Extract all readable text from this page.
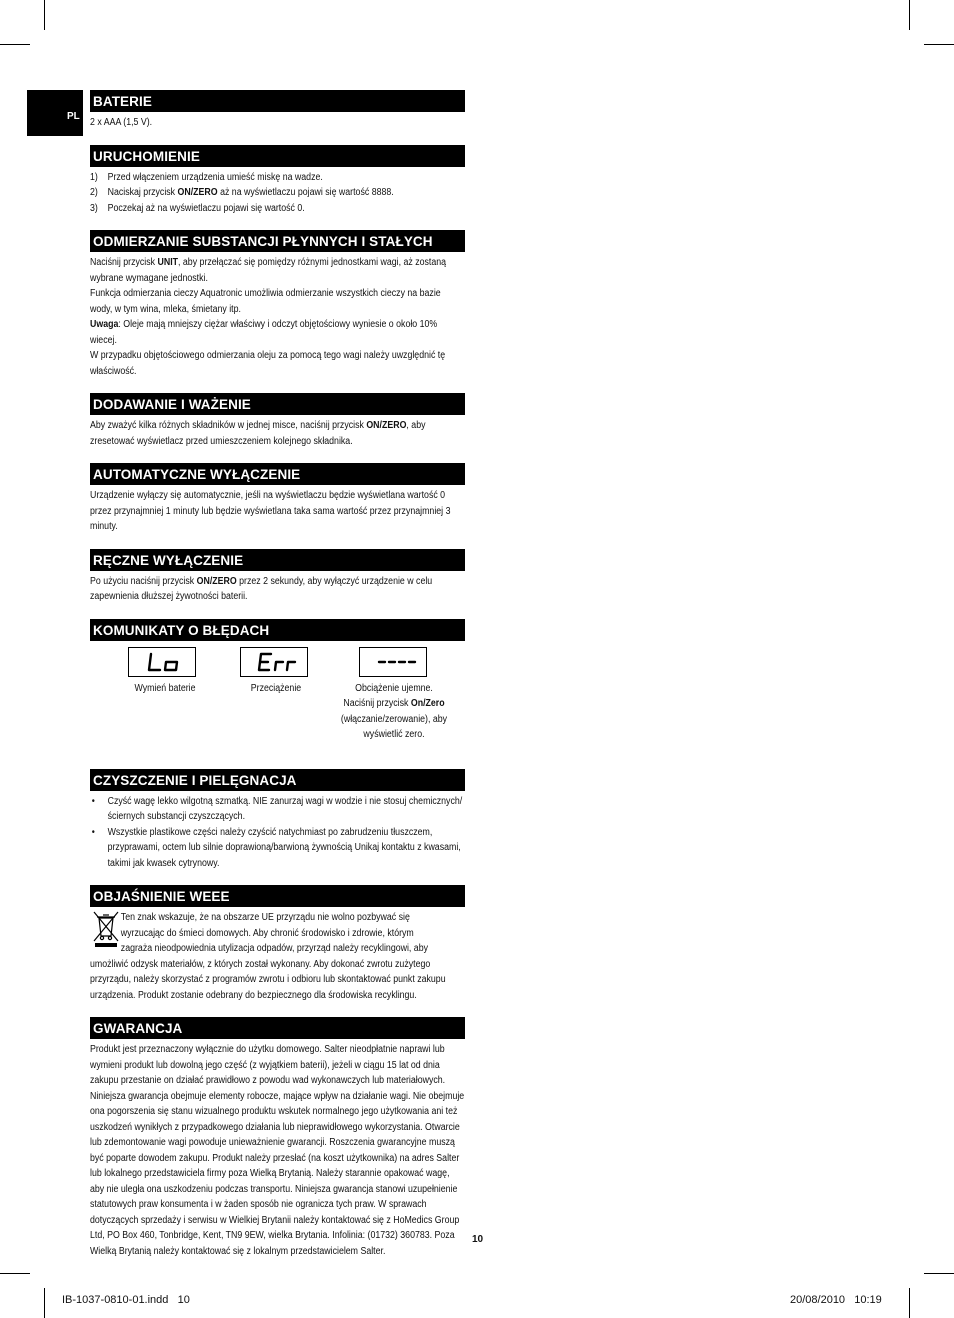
PL
BATERIE

2 x AAA (1,5 V).

URUCHOMIENIE
1) Przed włączeniem urządzenia umieść miskę na wadze.
2) Naciskaj przycisk ON/ZERO aż na wyświetlaczu pojawi się wartość 8888.
3) Poczekaj aż na wyświetlaczu pojawi się wartość 0.
ODMIERZANIE SUBSTANCJI PŁYNNYCH I STAŁYCH

Naciśnij przycisk UNIT, aby przełączać się pomiędzy różnymi jednostkami wagi, aż zostaną wybrane wymagane jednostki.

Funkcja odmierzania cieczy Aquatronic umożliwia odmierzanie wszystkich cieczy na bazie wody, w tym wina, mleka, śmietany itp.

Uwaga: Oleje mają mniejszy ciężar właściwy i odczyt objętościowy wyniesie o około 10% wiecej.

W przypadku objętościowego odmierzania oleju za pomocą tego wagi należy uwzględnić tę właściwość.

DODAWANIE I WAŻENIE

Aby zważyć kilka różnych składników w jednej misce, naciśnij przycisk ON/ZERO, aby zresetować wyświetlacz przed umieszczeniem kolejnego składnika.

AUTOMATYCZNE WYŁĄCZENIE

Urządzenie wyłączy się automatycznie, jeśli na wyświetlaczu będzie wyświetlana wartość 0 przez przynajmniej 1 minuty lub będzie wyświetlana taka sama wartość przez przynajmniej 3 minuty.

RĘCZNE WYŁĄCZENIE

Po użyciu naciśnij przycisk ON/ZERO przez 2 sekundy, aby wyłączyć urządzenie w celu zapewnienia dłuższej żywotności baterii.

KOMUNIKATY O BŁĘDACH
Wymień baterie	Przeciążenie	Obciążenie ujemne.
Naciśnij przycisk On/Zero
(włączanie/zerowanie), aby wyświetlić zero.
CZYSZCZENIE I PIELĘGNACJA
• Czyść wagę lekko wilgotną szmatką. NIE zanurzaj wagi w wodzie i nie stosuj chemicznych/ściernych substancji czyszczących.
• Wszystkie plastikowe części należy czyścić natychmiast po zabrudzeniu tłuszczem, przyprawami, octem lub silnie doprawioną/barwioną żywnością Unikaj kontaktu z kwasami, takimi jak kwasek cytrynowy.
OBJAŚNIENIE WEEE

Ten znak wskazuje, że na obszarze UE przyrządu nie wolno pozbywać się

wyrzucając do śmieci domowych. Aby chronić środowisko i zdrowie, którym

zagraża nieodpowiednia utylizacja odpadów, przyrząd należy recyklingowi, aby

umożliwić odzysk materiałów, z których został wykonany. Aby dokonać zwrotu zużytego przyrządu, należy skorzystać z programów zwrotu i odbioru lub skontaktować punkt zakupu urządzenia. Produkt zostanie odebrany do bezpiecznego dla środowiska recyklingu.

GWARANCJA

Produkt jest przeznaczony wyłącznie do użytku domowego. Salter nieodpłatnie naprawi lub wymieni produkt lub dowolną jego część (z wyjątkiem baterii), jeżeli w ciągu 15 lat od dnia zakupu przestanie on działać prawidłowo z powodu wad wykonawczych lub materiałowych. Niniejsza gwarancja obejmuje elementy robocze, mające wpływ na działanie wagi. Nie obejmuje ona pogorszenia się stanu wizualnego produktu wskutek normalnego jego użytkowania ani też uszkodzeń wynikłych z przypadkowego działania lub nieprawidłowego wykorzystania. Otwarcie lub zdemontowanie wagi powoduje unieważnienie gwarancji. Roszczenia gwarancyjne muszą być poparte dowodem zakupu. Produkt należy przesłać (na koszt użytkownika) na adres Salter lub lokalnego przedstawiciela firmy poza Wielką Brytanią. Należy starannie opakować wagę, aby nie uległa ona uszkodzeniu podczas transportu. Niniejsza gwarancja stanowi uzupełnienie statutowych praw konsumenta i w żaden sposób nie ogranicza tych praw. W sprawach dotyczących sprzedaży i serwisu w Wielkiej Brytanii należy kontaktować się z HoMedics Group Ltd, PO Box 460, Tonbridge, Kent, TN9 9EW, wielka Brytania. Infolinia: (01732) 360783. Poza Wielką Brytanią należy kontaktować się z lokalnym przedstawicielem Salter.

10
IB-1037-0810-01.indd   10	20/08/2010   10:19
